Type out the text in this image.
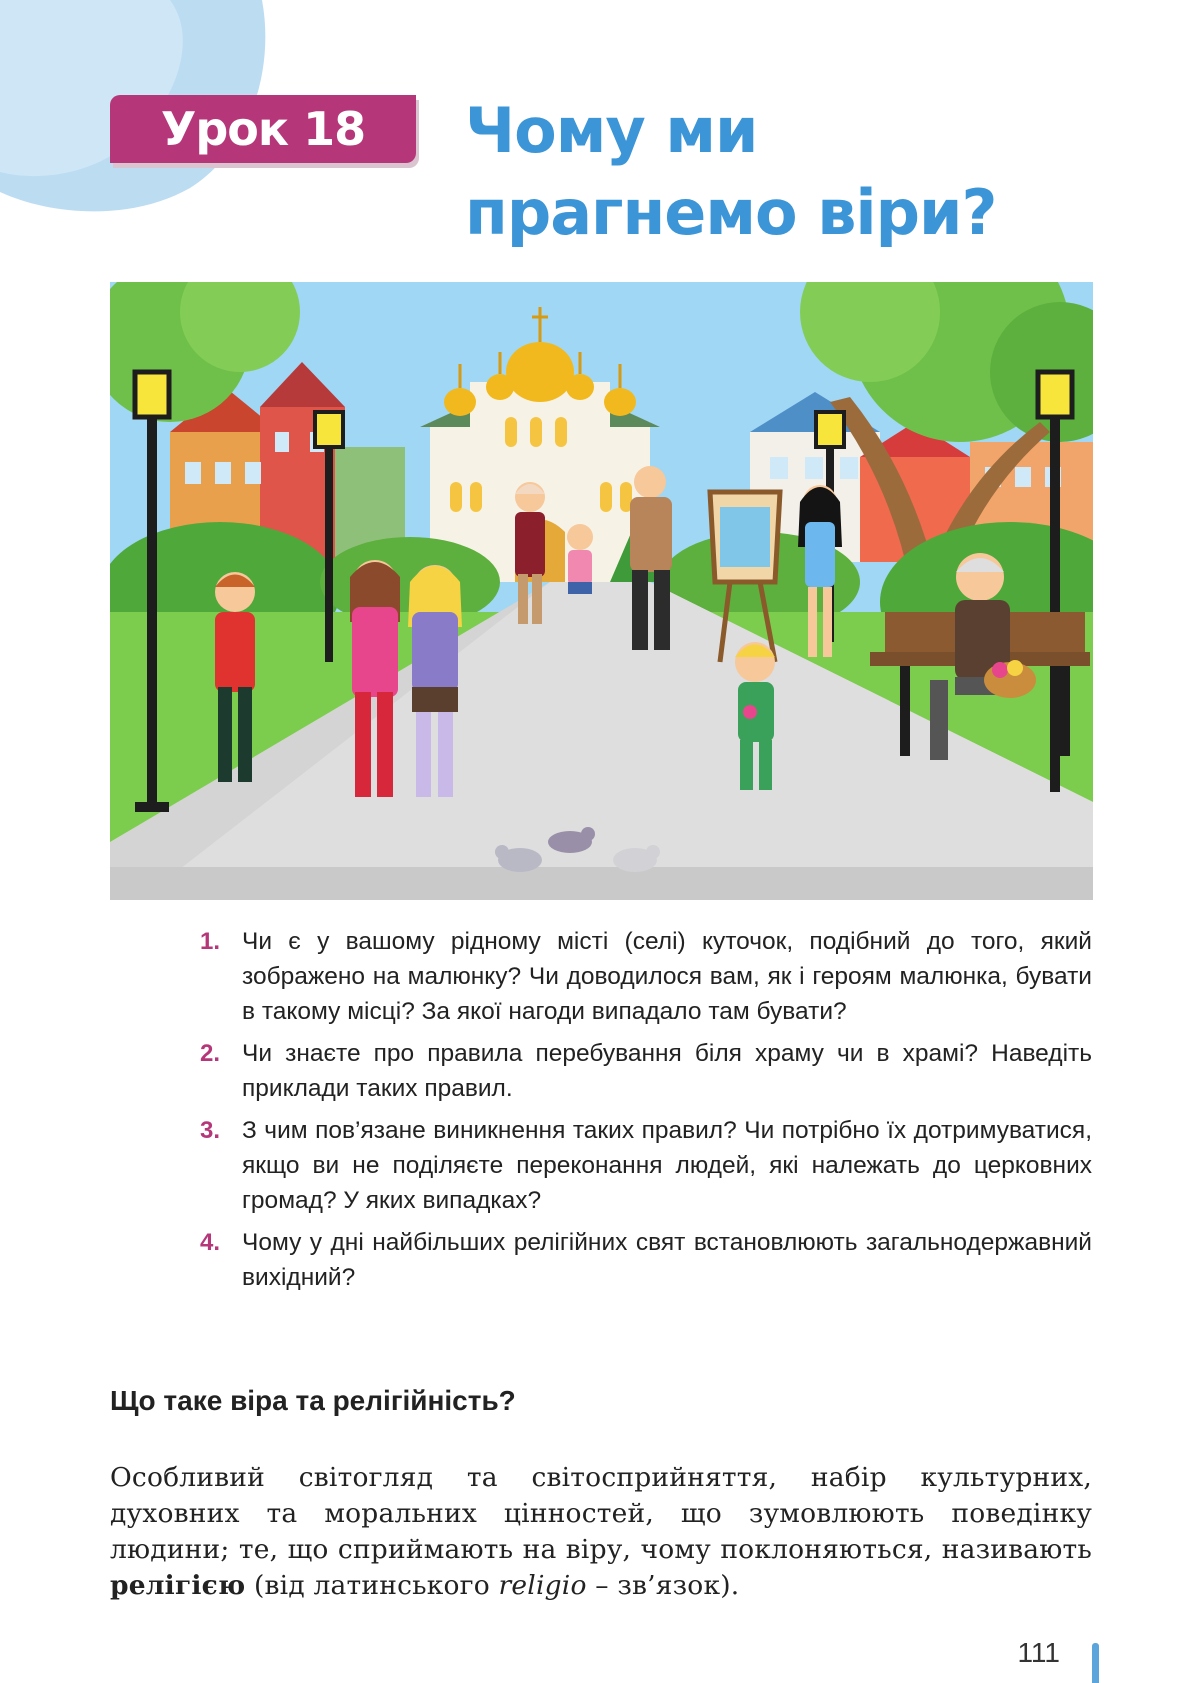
Урок 18 Чому ми
прагнемо віри?
1. Чи є у вашому рідному місті (селі) куточок, подібний до того, який зображено на малюнку? Чи доводилося вам, як і героям малюнка, бувати в такому місці? За якої нагоди випадало там бувати?
2. Чи знаєте про правила перебування біля храму чи в храмі? Наведіть приклади таких правил.
3. З чим пов’язане виникнення таких правил? Чи потрібно їх дотримуватися, якщо ви не поділяєте переконання людей, які належать до церковних громад? У яких випадках?
4. Чому у дні найбільших релігійних свят встановлюють загальнодержавний вихідний?
Що таке віра та релігійність?

Особливий світогляд та світосприйняття, набір культурних, духовних та моральних цінностей, що зумовлюють поведінку людини; те, що сприймають на віру, чому поклоняються, називають релігією (від латинського religio – зв’язок).

111
